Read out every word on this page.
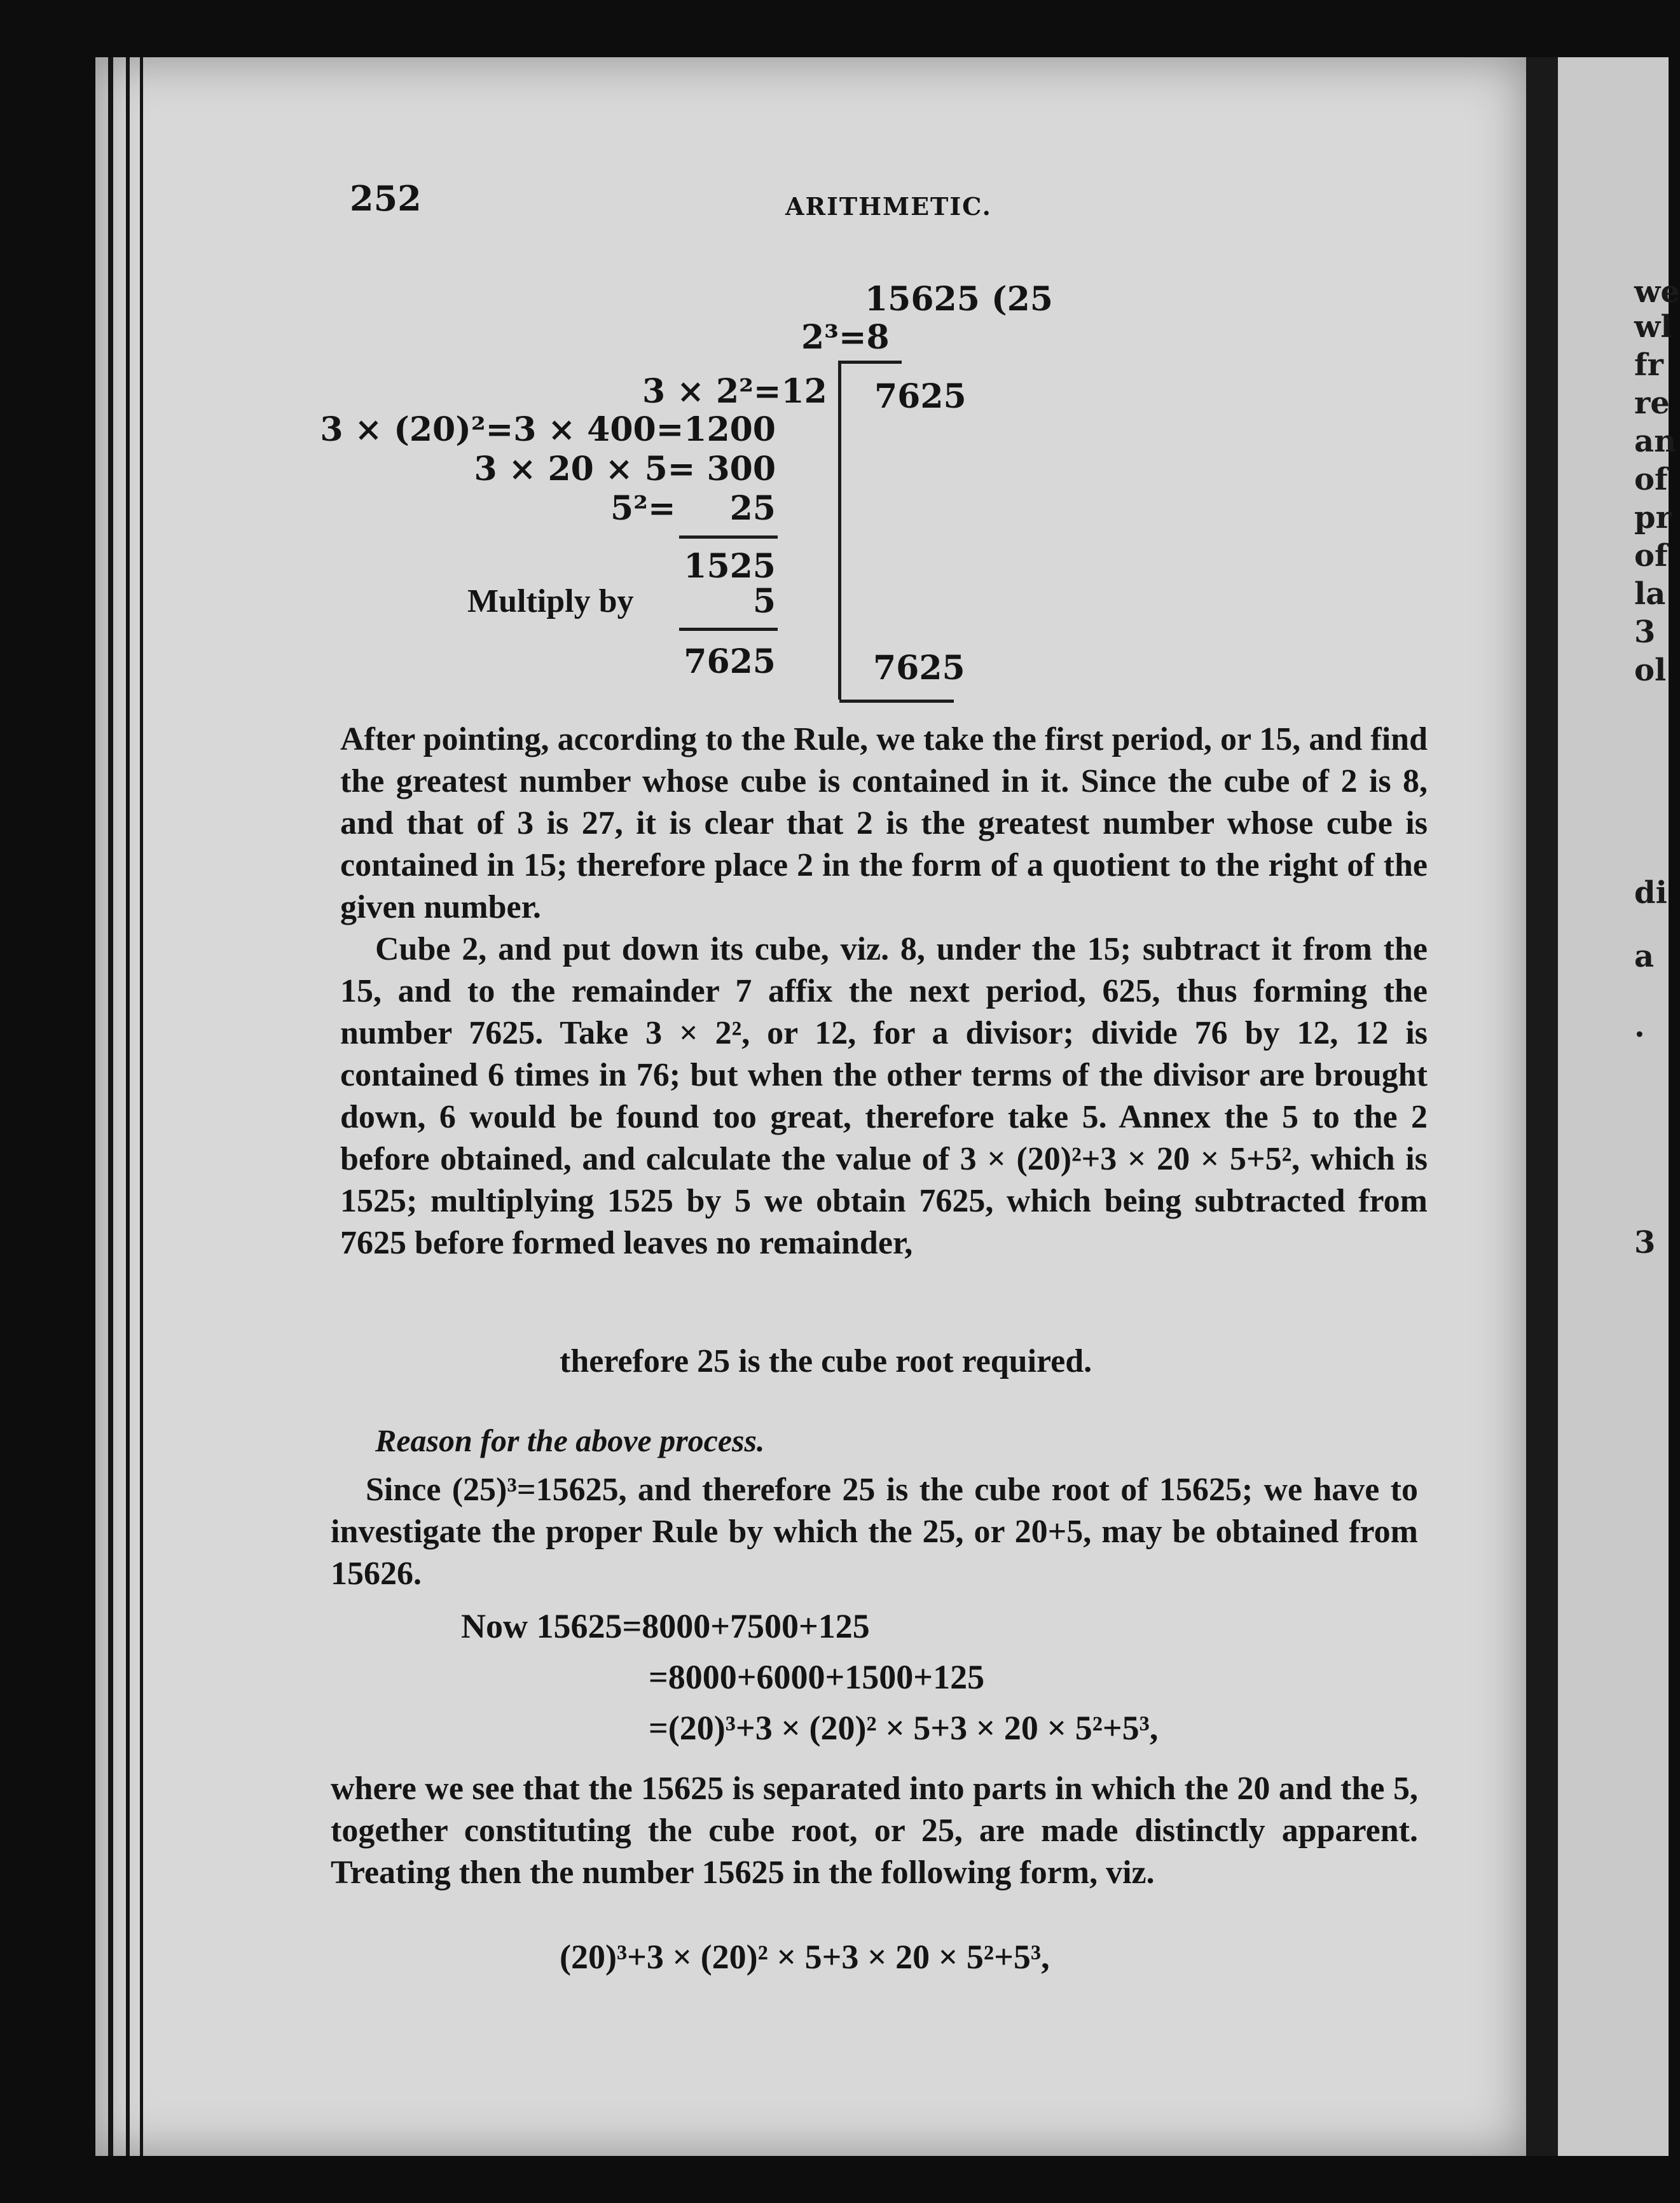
252	ARITHMETIC.
15625 (25
2³=8
3 × 2²=12 7625
3 × (20)²=3 × 400=1200
3 × 20 × 5= 300
5²= 25
1525
Multiply by	5
7625	7625
After pointing, according to the Rule, we take the first period, or 15, and find the greatest number whose cube is contained in it. Since the cube of 2 is 8, and that of 3 is 27, it is clear that 2 is the greatest number whose cube is contained in 15; therefore place 2 in the form of a quotient to the right of the given number.
Cube 2, and put down its cube, viz. 8, under the 15; subtract it from the 15, and to the remainder 7 affix the next period, 625, thus forming the number 7625. Take 3 × 2², or 12, for a divisor; divide 76 by 12, 12 is contained 6 times in 76; but when the other terms of the divisor are brought down, 6 would be found too great, therefore take 5. Annex the 5 to the 2 before obtained, and calculate the value of 3 × (20)²+3 × 20 × 5+5², which is 1525; multiplying 1525 by 5 we obtain 7625, which being subtracted from 7625 before formed leaves no remainder,
therefore 25 is the cube root required.
Reason for the above process.
Since (25)³=15625, and therefore 25 is the cube root of 15625; we have to investigate the proper Rule by which the 25, or 20+5, may be obtained from 15626.
Now 15625=8000+7500+125
=8000+6000+1500+125
=(20)³+3 × (20)² × 5+3 × 20 × 5²+5³,
where we see that the 15625 is separated into parts in which the 20 and the 5, together constituting the cube root, or 25, are made distinctly apparent. Treating then the number 15625 in the following form, viz.
(20)³+3 × (20)² × 5+3 × 20 × 5²+5³,
we
wl
fr
re
an
of
pr
of
la
3
ol
di
a
.
3
